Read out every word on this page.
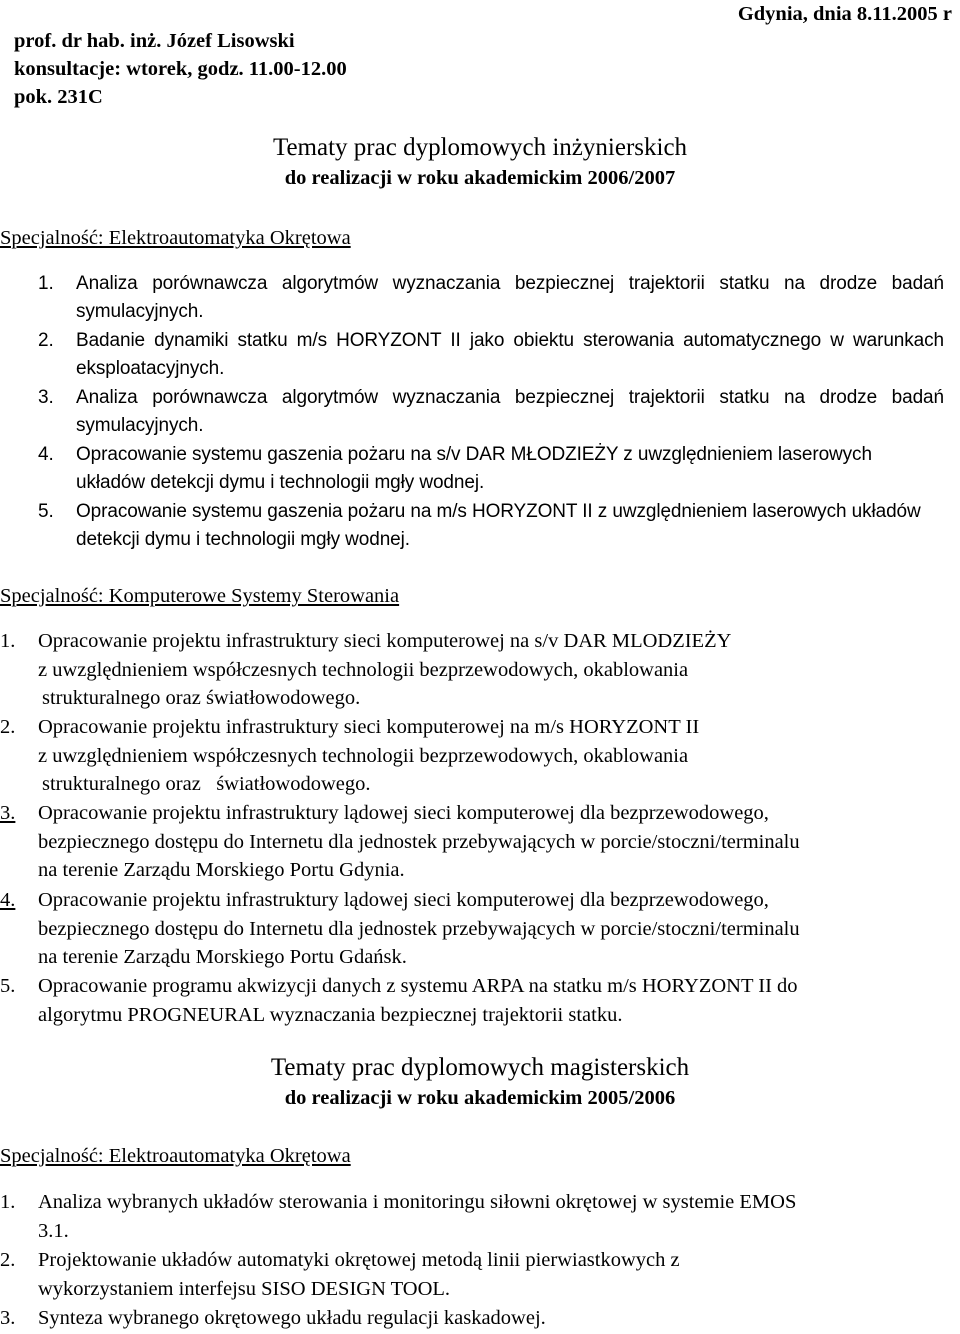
prof. dr hab. inż. Józef Lisowski
konsultacje: wtorek, godz. 11.00-12.00
pok. 231C
Gdynia, dnia 8.11.2005 r
Tematy prac dyplomowych inżynierskich
do realizacji w roku akademickim 2006/2007
Specjalność: Elektroautomatyka Okrętowa
1. Analiza porównawcza algorytmów wyznaczania bezpiecznej trajektorii statku na drodze badań symulacyjnych.
2. Badanie dynamiki statku m/s HORYZONT II jako obiektu sterowania automatycznego w warunkach eksploatacyjnych.
3. Analiza porównawcza algorytmów wyznaczania bezpiecznej trajektorii statku na drodze badań symulacyjnych.
4. Opracowanie systemu gaszenia pożaru na s/v DAR MŁODZIEŻY z uwzględnieniem laserowych układów detekcji dymu i technologii mgły wodnej.
5. Opracowanie systemu gaszenia pożaru na m/s HORYZONT II z uwzględnieniem laserowych układów detekcji dymu i technologii mgły wodnej.
Specjalność: Komputerowe Systemy Sterowania
1. Opracowanie projektu infrastruktury sieci komputerowej na s/v DAR MLODZIEŻY
z uwzględnieniem współczesnych technologii bezprzewodowych, okablowania
strukturalnego oraz światłowodowego.
2. Opracowanie projektu infrastruktury sieci komputerowej na m/s HORYZONT II
z uwzględnieniem współczesnych technologii bezprzewodowych, okablowania
strukturalnego oraz   światłowodowego.
3. Opracowanie projektu infrastruktury lądowej sieci komputerowej dla bezprzewodowego,
bezpiecznego dostępu do Internetu dla jednostek przebywających w porcie/stoczni/terminalu
na terenie Zarządu Morskiego Portu Gdynia.
4. Opracowanie projektu infrastruktury lądowej sieci komputerowej dla bezprzewodowego,
bezpiecznego dostępu do Internetu dla jednostek przebywających w porcie/stoczni/terminalu
na terenie Zarządu Morskiego Portu Gdańsk.
5. Opracowanie programu akwizycji danych z systemu ARPA na statku m/s HORYZONT II do
algorytmu PROGNEURAL wyznaczania bezpiecznej trajektorii statku.
Tematy prac dyplomowych magisterskich
do realizacji w roku akademickim 2005/2006
Specjalność: Elektroautomatyka Okrętowa
1. Analiza wybranych układów sterowania i monitoringu siłowni okrętowej w systemie EMOS
3.1.
2. Projektowanie układów automatyki okrętowej metodą linii pierwiastkowych z
wykorzystaniem interfejsu SISO DESIGN TOOL.
3. Synteza wybranego okrętowego układu regulacji kaskadowej.
